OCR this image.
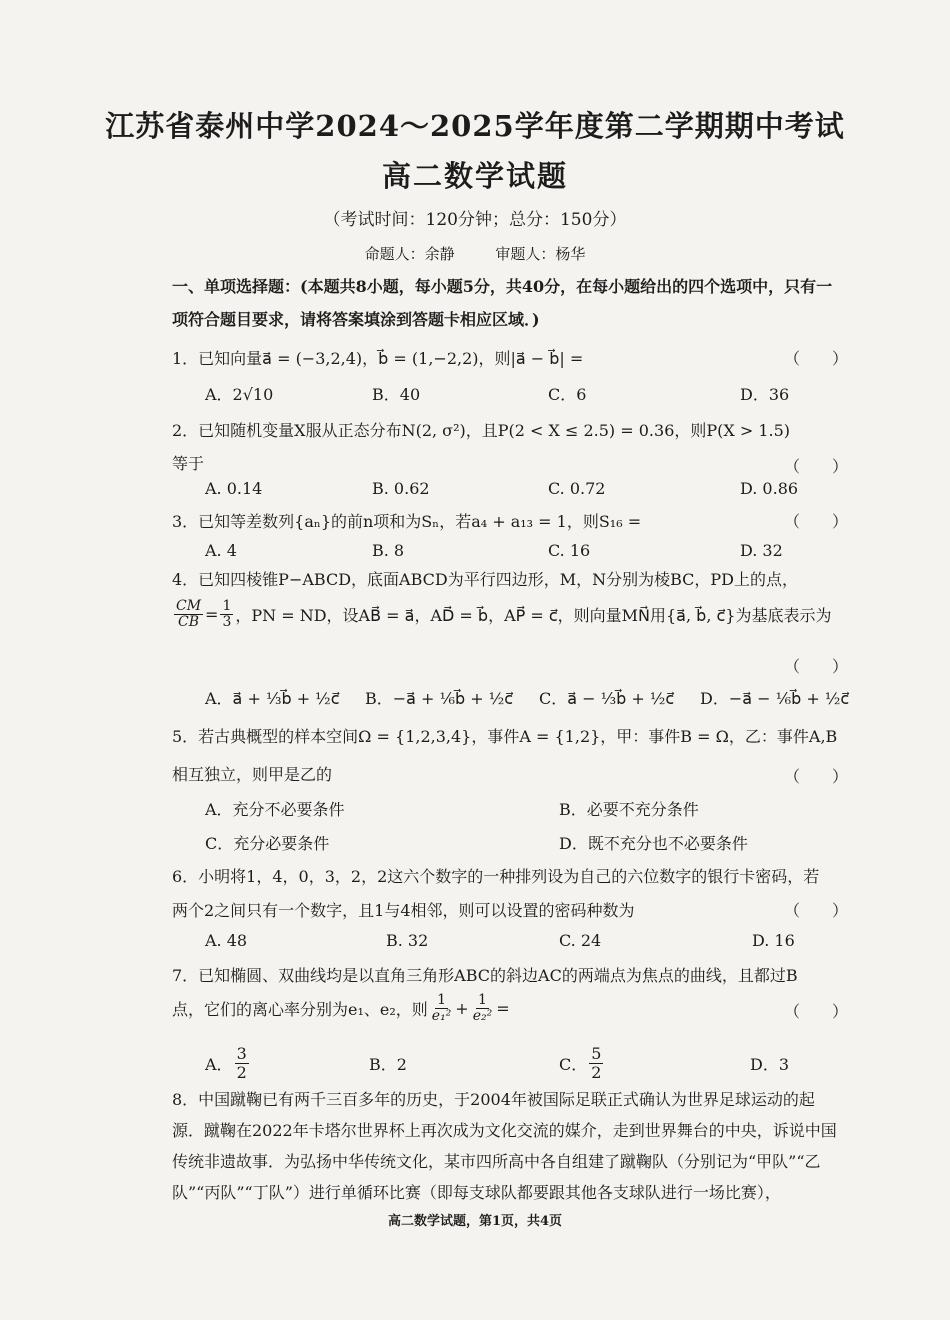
江苏省泰州中学2024～2025学年度第二学期期中考试
高二数学试题
（考试时间：120分钟；总分：150分）
命题人：余静	审题人：杨华
一、单项选择题：(本题共8小题，每小题5分，共40分，在每小题给出的四个选项中，只有一项符合题目要求，请将答案填涂到答题卡相应区域．)
1．已知向量a⃗ = (−3,2,4)，b⃗ = (1,−2,2)，则|a⃗ − b⃗| =	（　　）
A．2√10	B．40	C．6	D．36
2．已知随机变量X服从正态分布N(2, σ²)，且P(2 < X ≤ 2.5) = 0.36，则P(X > 1.5)
等于	（　　）
A. 0.14	B. 0.62	C. 0.72	D. 0.86
3．已知等差数列{aₙ}的前n项和为Sₙ，若a₄ + a₁₃ = 1，则S₁₆ =	（　　）
A. 4	B. 8	C. 16	D. 32
4．已知四棱锥P−ABCD，底面ABCD为平行四边形，M，N分别为棱BC，PD上的点，
$\frac{CM}{CB} = \frac{1}{3}$ ，PN = ND，设AB⃗ = a⃗，AD⃗ = b⃗，AP⃗ = c⃗，则向量MN⃗用{a⃗, b⃗, c⃗}为基底表示为
（　　）
A．a⃗ + ⅓b⃗ + ½c⃗ B．−a⃗ + ⅙b⃗ + ½c⃗ C．a⃗ − ⅓b⃗ + ½c⃗ D．−a⃗ − ⅙b⃗ + ½c⃗
5．若古典概型的样本空间Ω = {1,2,3,4}，事件A = {1,2}，甲：事件B = Ω，乙：事件A,B
相互独立，则甲是乙的	（　　）
A．充分不必要条件	B．必要不充分条件
C．充分必要条件	D．既不充分也不必要条件
6．小明将1，4，0，3，2，2这六个数字的一种排列设为自己的六位数字的银行卡密码，若
两个2之间只有一个数字，且1与4相邻，则可以设置的密码种数为	（　　）
A. 48	B. 32	C. 24	D. 16
7．已知椭圆、双曲线均是以直角三角形ABC的斜边AC的两端点为焦点的曲线，且都过B
点，它们的离心率分别为e₁、e₂，则 $\frac{1}{\text{e₁²}} + \frac{1}{\text{e₂²}}$ =	（　　）
A． $\frac{3}{2}$	B．2	C． $\frac{5}{2}$	D．3
8．中国蹴鞠已有两千三百多年的历史，于2004年被国际足联正式确认为世界足球运动的起源．蹴鞠在2022年卡塔尔世界杯上再次成为文化交流的媒介，走到世界舞台的中央，诉说中国传统非遗故事．为弘扬中华传统文化，某市四所高中各自组建了蹴鞠队（分别记为“甲队”“乙队”“丙队”“丁队”）进行单循环比赛（即每支球队都要跟其他各支球队进行一场比赛），
高二数学试题，第1页，共4页
